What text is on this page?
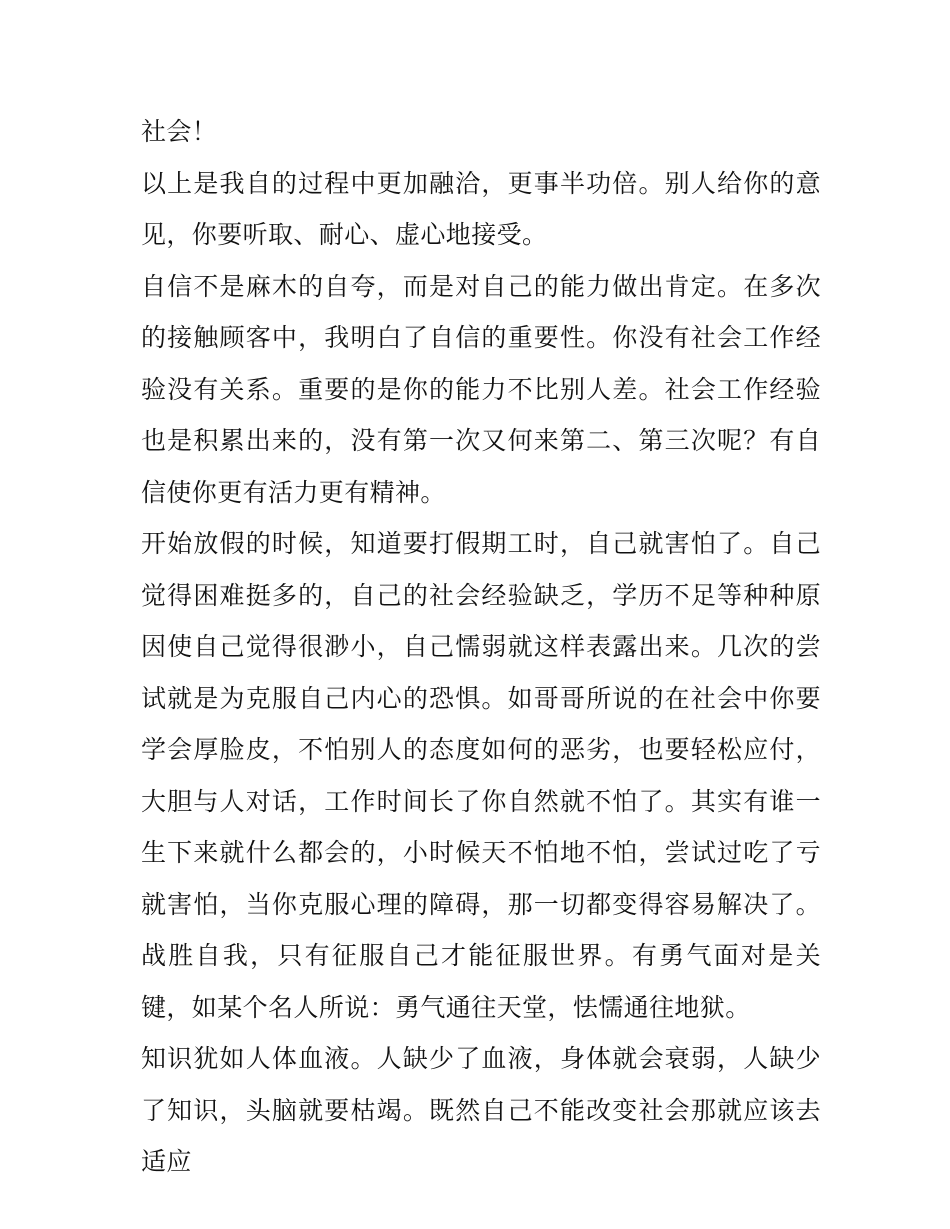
社会！

以上是我自的过程中更加融洽，更事半功倍。别人给你的意见，你要听取、耐心、虚心地接受。

自信不是麻木的自夸，而是对自己的能力做出肯定。在多次的接触顾客中，我明白了自信的重要性。你没有社会工作经验没有关系。重要的是你的能力不比别人差。社会工作经验也是积累出来的，没有第一次又何来第二、第三次呢？有自信使你更有活力更有精神。

开始放假的时候，知道要打假期工时，自己就害怕了。自己觉得困难挺多的，自己的社会经验缺乏，学历不足等种种原因使自己觉得很渺小，自己懦弱就这样表露出来。几次的尝试就是为克服自己内心的恐惧。如哥哥所说的在社会中你要学会厚脸皮，不怕别人的态度如何的恶劣，也要轻松应付，大胆与人对话，工作时间长了你自然就不怕了。其实有谁一生下来就什么都会的，小时候天不怕地不怕，尝试过吃了亏就害怕，当你克服心理的障碍，那一切都变得容易解决了。战胜自我，只有征服自己才能征服世界。有勇气面对是关键，如某个名人所说：勇气通往天堂，怯懦通往地狱。

知识犹如人体血液。人缺少了血液，身体就会衰弱，人缺少了知识，头脑就要枯竭。既然自己不能改变社会那就应该去适应
